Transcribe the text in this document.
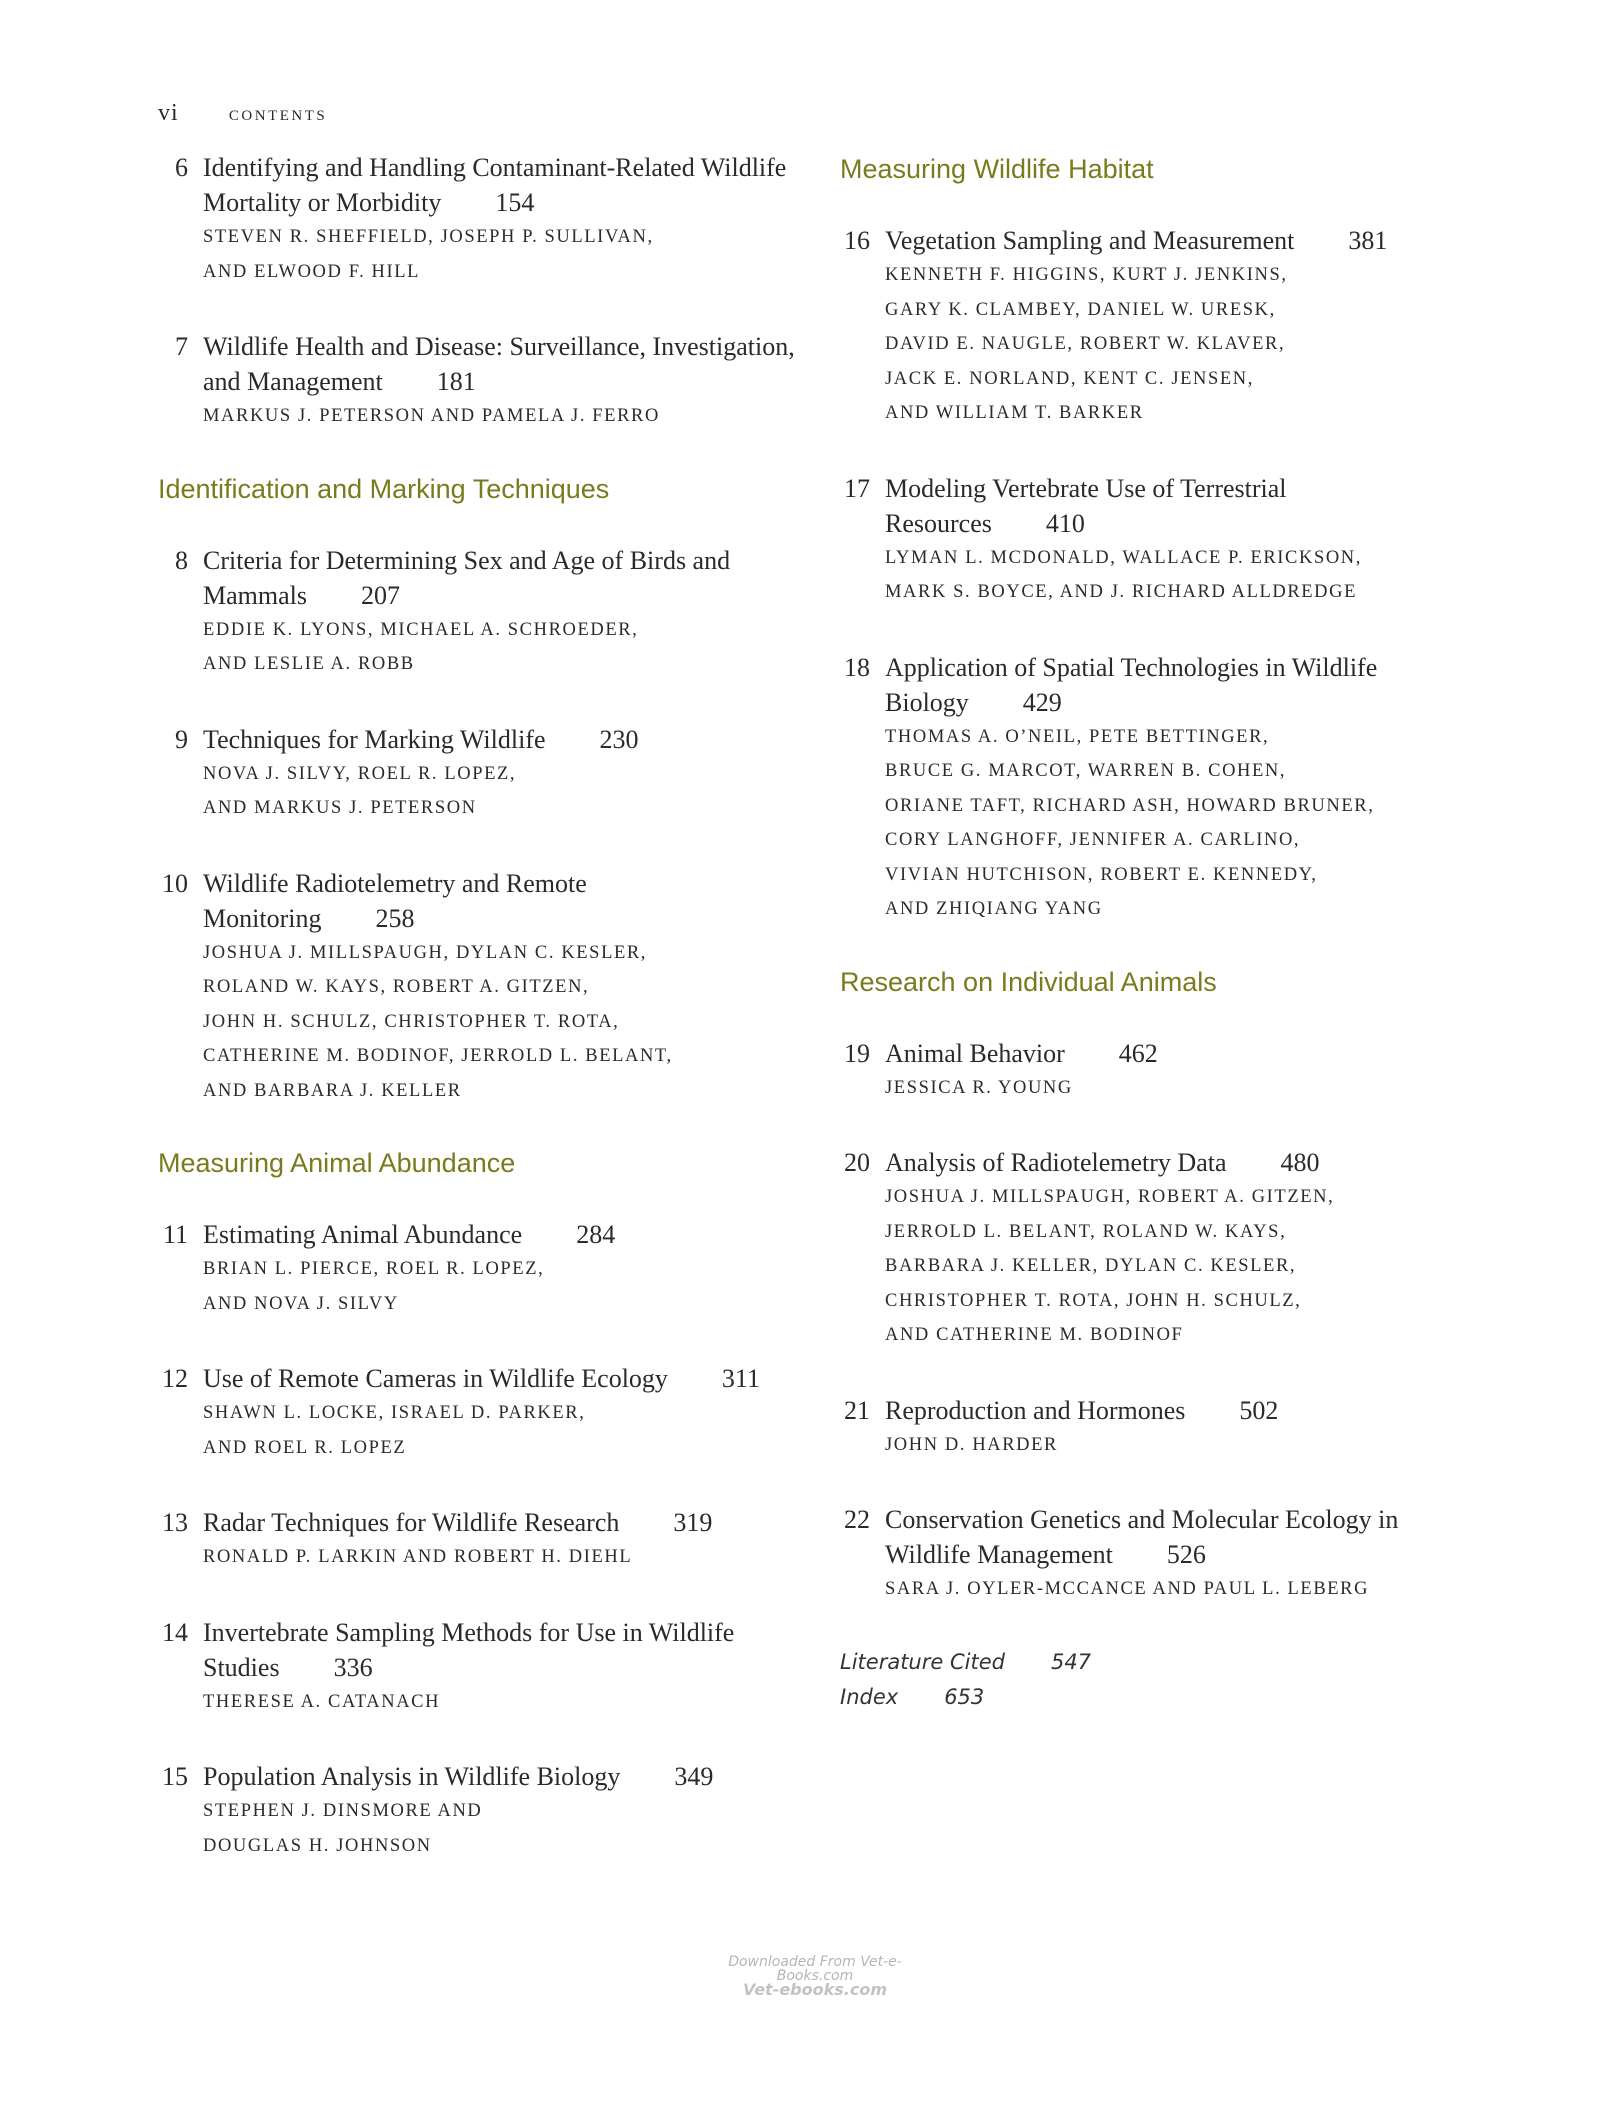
vi contents
6 Identifying and Handling Contaminant-Related Wildlife Mortality or Morbidity 154
STEVEN R. SHEFFIELD, JOSEPH P. SULLIVAN,
AND ELWOOD F. HILL
7 Wildlife Health and Disease: Surveillance, Investigation, and Management 181
MARKUS J. PETERSON AND PAMELA J. FERRO
Identification and Marking Techniques
8 Criteria for Determining Sex and Age of Birds and Mammals 207
EDDIE K. LYONS, MICHAEL A. SCHROEDER,
AND LESLIE A. ROBB
9 Techniques for Marking Wildlife 230
NOVA J. SILVY, ROEL R. LOPEZ,
AND MARKUS J. PETERSON
10 Wildlife Radiotelemetry and Remote Monitoring 258
JOSHUA J. MILLSPAUGH, DYLAN C. KESLER,
ROLAND W. KAYS, ROBERT A. GITZEN,
JOHN H. SCHULZ, CHRISTOPHER T. ROTA,
CATHERINE M. BODINOF, JERROLD L. BELANT,
AND BARBARA J. KELLER
Measuring Animal Abundance
11 Estimating Animal Abundance 284
BRIAN L. PIERCE, ROEL R. LOPEZ,
AND NOVA J. SILVY
12 Use of Remote Cameras in Wildlife Ecology 311
SHAWN L. LOCKE, ISRAEL D. PARKER,
AND ROEL R. LOPEZ
13 Radar Techniques for Wildlife Research 319
RONALD P. LARKIN AND ROBERT H. DIEHL
14 Invertebrate Sampling Methods for Use in Wildlife Studies 336
THERESE A. CATANACH
15 Population Analysis in Wildlife Biology 349
STEPHEN J. DINSMORE AND
DOUGLAS H. JOHNSON
Measuring Wildlife Habitat
16 Vegetation Sampling and Measurement 381
KENNETH F. HIGGINS, KURT J. JENKINS,
GARY K. CLAMBEY, DANIEL W. URESK,
DAVID E. NAUGLE, ROBERT W. KLAVER,
JACK E. NORLAND, KENT C. JENSEN,
AND WILLIAM T. BARKER
17 Modeling Vertebrate Use of Terrestrial Resources 410
LYMAN L. MCDONALD, WALLACE P. ERICKSON,
MARK S. BOYCE, AND J. RICHARD ALLDREDGE
18 Application of Spatial Technologies in Wildlife Biology 429
THOMAS A. O’NEIL, PETE BETTINGER,
BRUCE G. MARCOT, WARREN B. COHEN,
ORIANE TAFT, RICHARD ASH, HOWARD BRUNER,
CORY LANGHOFF, JENNIFER A. CARLINO,
VIVIAN HUTCHISON, ROBERT E. KENNEDY,
AND ZHIQIANG YANG
Research on Individual Animals
19 Animal Behavior 462
JESSICA R. YOUNG
20 Analysis of Radiotelemetry Data 480
JOSHUA J. MILLSPAUGH, ROBERT A. GITZEN,
JERROLD L. BELANT, ROLAND W. KAYS,
BARBARA J. KELLER, DYLAN C. KESLER,
CHRISTOPHER T. ROTA, JOHN H. SCHULZ,
AND CATHERINE M. BODINOF
21 Reproduction and Hormones 502
JOHN D. HARDER
22 Conservation Genetics and Molecular Ecology in Wildlife Management 526
SARA J. OYLER-MCCANCE AND PAUL L. LEBERG
Literature Cited 547
Index 653
Downloaded From Vet-e-Books.com
Vet-ebooks.com
